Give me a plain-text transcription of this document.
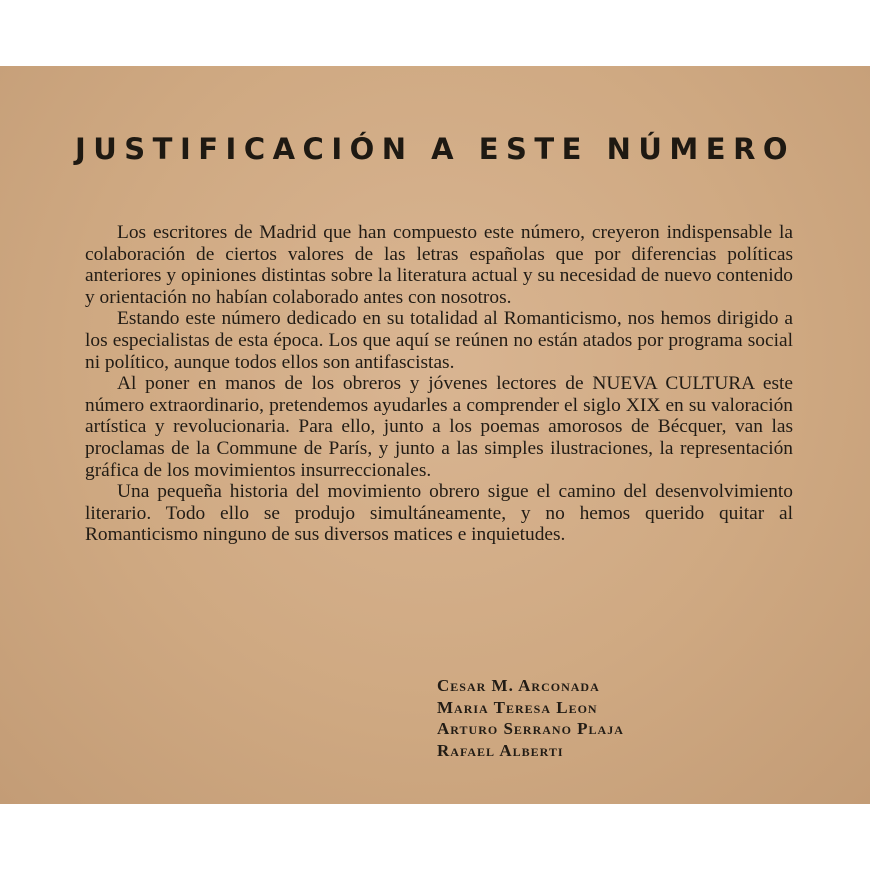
JUSTIFICACIÓN A ESTE NÚMERO

Los escritores de Madrid que han compuesto este número, creyeron indispensable la colaboración de ciertos valores de las letras españolas que por diferencias políticas anteriores y opiniones distintas sobre la literatura actual y su necesidad de nuevo contenido y orientación no habían colaborado antes con nosotros.

Estando este número dedicado en su totalidad al Romanticismo, nos hemos dirigido a los especialistas de esta época. Los que aquí se reúnen no están atados por programa social ni político, aunque todos ellos son antifascistas.

Al poner en manos de los obreros y jóvenes lectores de NUEVA CULTURA este número extraordinario, pretendemos ayudarles a comprender el siglo XIX en su valoración artística y revolucionaria. Para ello, junto a los poemas amorosos de Bécquer, van las proclamas de la Commune de París, y junto a las simples ilustraciones, la representación gráfica de los movimientos insurreccionales.

Una pequeña historia del movimiento obrero sigue el camino del desenvolvimiento literario. Todo ello se produjo simultáneamente, y no hemos querido quitar al Romanticismo ninguno de sus diversos matices e inquietudes.

Cesar M. Arconada
Maria Teresa Leon
Arturo Serrano Plaja
Rafael Alberti
